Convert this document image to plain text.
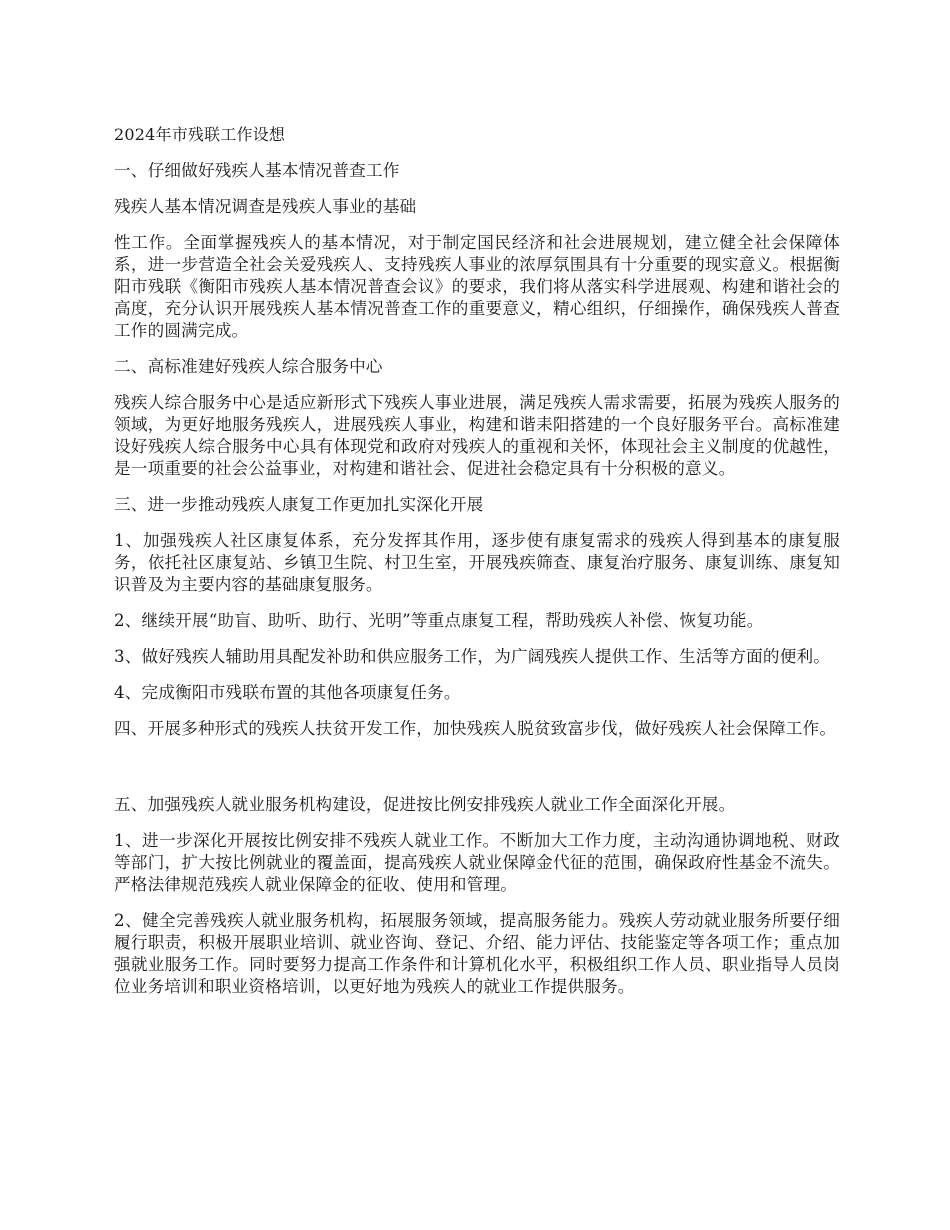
2024年市残联工作设想

一、仔细做好残疾人基本情况普查工作

残疾人基本情况调查是残疾人事业的基础

性工作。全面掌握残疾人的基本情况，对于制定国民经济和社会进展规划，建立健全社会保障体系，进一步营造全社会关爱残疾人、支持残疾人事业的浓厚氛围具有十分重要的现实意义。根据衡阳市残联《衡阳市残疾人基本情况普查会议》的要求，我们将从落实科学进展观、构建和谐社会的高度，充分认识开展残疾人基本情况普查工作的重要意义，精心组织，仔细操作，确保残疾人普查工作的圆满完成。

二、高标准建好残疾人综合服务中心

残疾人综合服务中心是适应新形式下残疾人事业进展，满足残疾人需求需要，拓展为残疾人服务的领域，为更好地服务残疾人，进展残疾人事业，构建和谐耒阳搭建的一个良好服务平台。高标准建设好残疾人综合服务中心具有体现党和政府对残疾人的重视和关怀，体现社会主义制度的优越性，是一项重要的社会公益事业，对构建和谐社会、促进社会稳定具有十分积极的意义。

三、进一步推动残疾人康复工作更加扎实深化开展

1、加强残疾人社区康复体系，充分发挥其作用，逐步使有康复需求的残疾人得到基本的康复服务，依托社区康复站、乡镇卫生院、村卫生室，开展残疾筛查、康复治疗服务、康复训练、康复知识普及为主要内容的基础康复服务。

2、继续开展“助盲、助听、助行、光明”等重点康复工程，帮助残疾人补偿、恢复功能。

3、做好残疾人辅助用具配发补助和供应服务工作，为广阔残疾人提供工作、生活等方面的便利。

4、完成衡阳市残联布置的其他各项康复任务。

四、开展多种形式的残疾人扶贫开发工作，加快残疾人脱贫致富步伐，做好残疾人社会保障工作。

五、加强残疾人就业服务机构建设，促进按比例安排残疾人就业工作全面深化开展。

1、进一步深化开展按比例安排不残疾人就业工作。不断加大工作力度，主动沟通协调地税、财政等部门，扩大按比例就业的覆盖面，提高残疾人就业保障金代征的范围，确保政府性基金不流失。严格法律规范残疾人就业保障金的征收、使用和管理。

2、健全完善残疾人就业服务机构，拓展服务领域，提高服务能力。残疾人劳动就业服务所要仔细履行职责，积极开展职业培训、就业咨询、登记、介绍、能力评估、技能鉴定等各项工作；重点加强就业服务工作。同时要努力提高工作条件和计算机化水平，积极组织工作人员、职业指导人员岗位业务培训和职业资格培训，以更好地为残疾人的就业工作提供服务。
